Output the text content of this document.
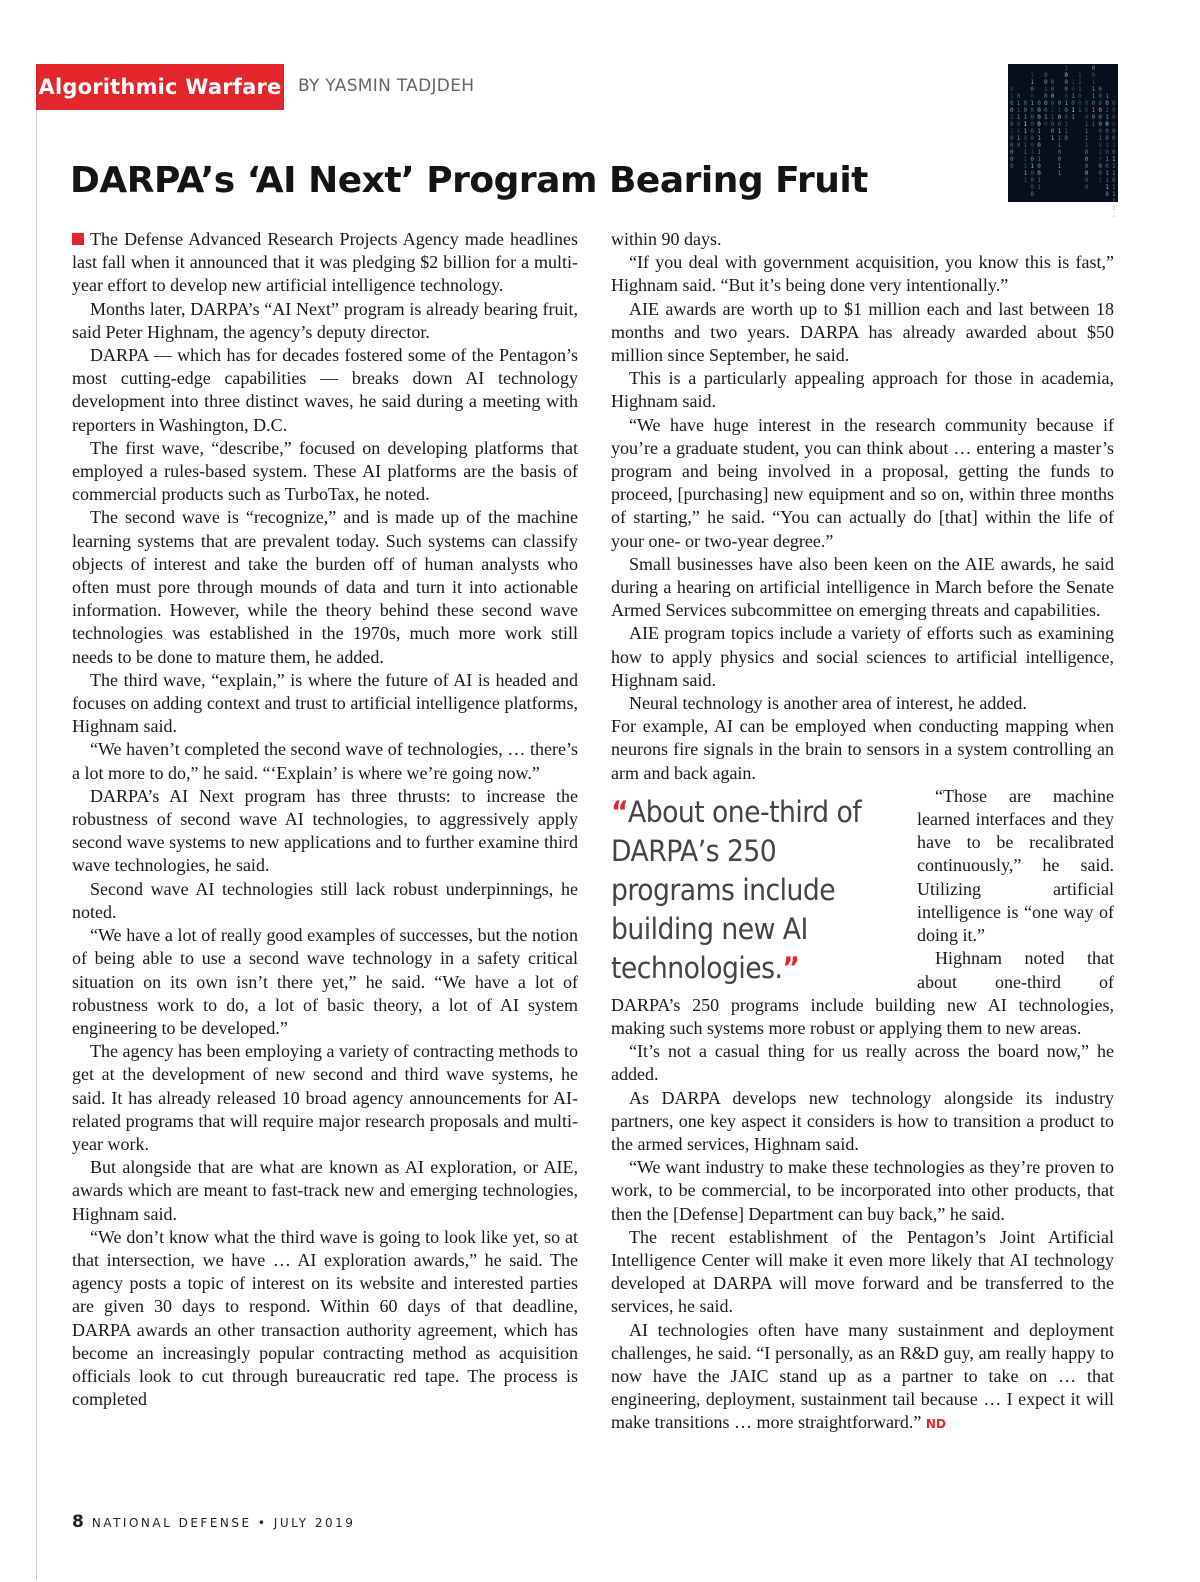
Algorithmic Warfare BY YASMIN TADJDEH	0
1
0
0
1
0
1
0
0
0
0
0
0
1
1
1
0
0
1
0
0
0
1
1
1
0
1
1
1
1
1
1
1
1
0
0
1
0
0
0
0
0
0
1
0
1
0
0
0
0
0
0
0
0
1
1
0
1
1
0
0
1
1
0
0
1
0
0
0
1
0
0
0
0
0
1
1
0
0
1
0
1
0
0
1
1
1
0
0
1
1
1
0
0
0
0
1
0
0
1
1
0
1
0
1
0
1
1
1
1
1
0
0
1
0
0
0
1
1
1
1
0
0
0
0
0
0
0
0
1
1
1
0
1
0
1
0
0
0
0
0
0
0
1
0
1
0
0
0
1
1
0
1
1
0
0
0
1
0
1
0
1
1
1
0
0
0
0
0
0
0
1
0
1
1
1
0
1
1
1
1
1
DARPA’s ‘AI Next’ Program Bearing Fruit

The Defense Advanced Research Projects Agency made headlines last fall when it announced that it was pledging $2 billion for a multi-year effort to develop new artificial intelligence technology.

Months later, DARPA’s “AI Next” program is already bearing fruit, said Peter Highnam, the agency’s deputy director.

DARPA — which has for decades fostered some of the Pentagon’s most cutting-edge capabilities — breaks down AI technology development into three distinct waves, he said during a meeting with reporters in Washington, D.C.

The first wave, “describe,” focused on developing platforms that employed a rules-based system. These AI platforms are the basis of commercial products such as TurboTax, he noted.

The second wave is “recognize,” and is made up of the machine learning systems that are prevalent today. Such systems can classify objects of interest and take the burden off of human analysts who often must pore through mounds of data and turn it into actionable information. However, while the theory behind these second wave technologies was established in the 1970s, much more work still needs to be done to mature them, he added.

The third wave, “explain,” is where the future of AI is headed and focuses on adding context and trust to artificial intelligence platforms, Highnam said.

“We haven’t completed the second wave of technologies, … there’s a lot more to do,” he said. “‘Explain’ is where we’re going now.”

DARPA’s AI Next program has three thrusts: to increase the robustness of second wave AI technologies, to aggressively apply second wave systems to new applications and to further examine third wave technologies, he said.

Second wave AI technologies still lack robust underpinnings, he noted.

“We have a lot of really good examples of successes, but the notion of being able to use a second wave technology in a safety critical situation on its own isn’t there yet,” he said. “We have a lot of robustness work to do, a lot of basic theory, a lot of AI system engineering to be developed.”

The agency has been employing a variety of contracting methods to get at the development of new second and third wave systems, he said. It has already released 10 broad agency announcements for AI-related programs that will require major research proposals and multi-year work.

But alongside that are what are known as AI exploration, or AIE, awards which are meant to fast-track new and emerging technologies, Highnam said.

“We don’t know what the third wave is going to look like yet, so at that intersection, we have … AI exploration awards,” he said. The agency posts a topic of interest on its website and interested parties are given 30 days to respond. Within 60 days of that deadline, DARPA awards an other transaction authority agreement, which has become an increasingly popular contracting method as acquisition officials look to cut through bureaucratic red tape. The process is completed

within 90 days.

“If you deal with government acquisition, you know this is fast,” Highnam said. “But it’s being done very intentionally.”

AIE awards are worth up to $1 million each and last between 18 months and two years. DARPA has already awarded about $50 million since September, he said.

This is a particularly appealing approach for those in academia, Highnam said.

“We have huge interest in the research community because if you’re a graduate student, you can think about … entering a master’s program and being involved in a proposal, getting the funds to proceed, [purchasing] new equipment and so on, within three months of starting,” he said. “You can actually do [that] within the life of your one- or two-year degree.”

Small businesses have also been keen on the AIE awards, he said during a hearing on artificial intelligence in March before the Senate Armed Services subcommittee on emerging threats and capabilities.

AIE program topics include a variety of efforts such as examining how to apply physics and social sciences to artificial intelligence, Highnam said.

Neural technology is another area of interest, he added.

For example, AI can be employed when conducting mapping when neurons fire signals in the brain to sensors in a system controlling an arm and back again.

“About one-third of DARPA’s 250 programs include building new AI technologies.”

“Those are machine learned interfaces and they have to be recalibrated continuously,” he said. Utilizing artificial intelligence is “one way of doing it.”

Highnam noted that about one-third of DARPA’s 250 programs include building new AI technologies, making such systems more robust or applying them to new areas.

“It’s not a casual thing for us really across the board now,” he added.

As DARPA develops new technology alongside its industry partners, one key aspect it considers is how to transition a product to the armed services, Highnam said.

“We want industry to make these technologies as they’re proven to work, to be commercial, to be incorporated into other products, that then the [Defense] Department can buy back,” he said.

The recent establishment of the Pentagon’s Joint Artificial Intelligence Center will make it even more likely that AI technology developed at DARPA will move forward and be transferred to the services, he said.

AI technologies often have many sustainment and deployment challenges, he said. “I personally, as an R&D guy, am really happy to now have the JAIC stand up as a partner to take on … that engineering, deployment, sustainment tail because … I expect it will make transitions … more straightforward.” ND

8 NATIONAL DEFENSE • JULY 2019
